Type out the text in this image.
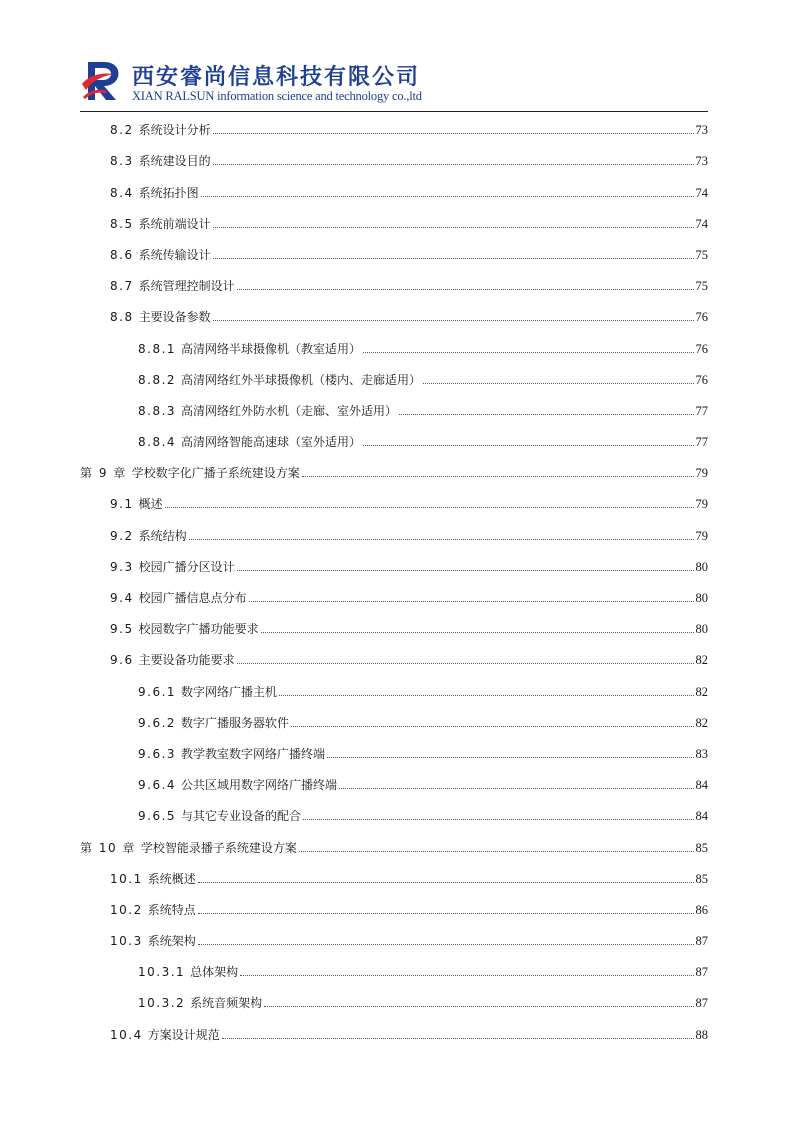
西安睿尚信息科技有限公司
XIAN RALSUN information science and technology co.,ltd
8.2 系统设计分析	73
8.3 系统建设目的	73
8.4 系统拓扑图	74
8.5 系统前端设计	74
8.6 系统传输设计	75
8.7 系统管理控制设计	75
8.8 主要设备参数	76
8.8.1 高清网络半球摄像机（教室适用）	76
8.8.2 高清网络红外半球摄像机（楼内、走廊适用）	76
8.8.3 高清网络红外防水机（走廊、室外适用）	77
8.8.4 高清网络智能高速球（室外适用）	77
第 9 章 学校数字化广播子系统建设方案	79
9.1 概述	79
9.2 系统结构	79
9.3 校园广播分区设计	80
9.4 校园广播信息点分布	80
9.5 校园数字广播功能要求	80
9.6 主要设备功能要求	82
9.6.1 数字网络广播主机	82
9.6.2 数字广播服务器软件	82
9.6.3 教学教室数字网络广播终端	83
9.6.4 公共区域用数字网络广播终端	84
9.6.5 与其它专业设备的配合	84
第 10 章 学校智能录播子系统建设方案	85
10.1 系统概述	85
10.2 系统特点	86
10.3 系统架构	87
10.3.1 总体架构	87
10.3.2 系统音频架构	87
10.4 方案设计规范	88
